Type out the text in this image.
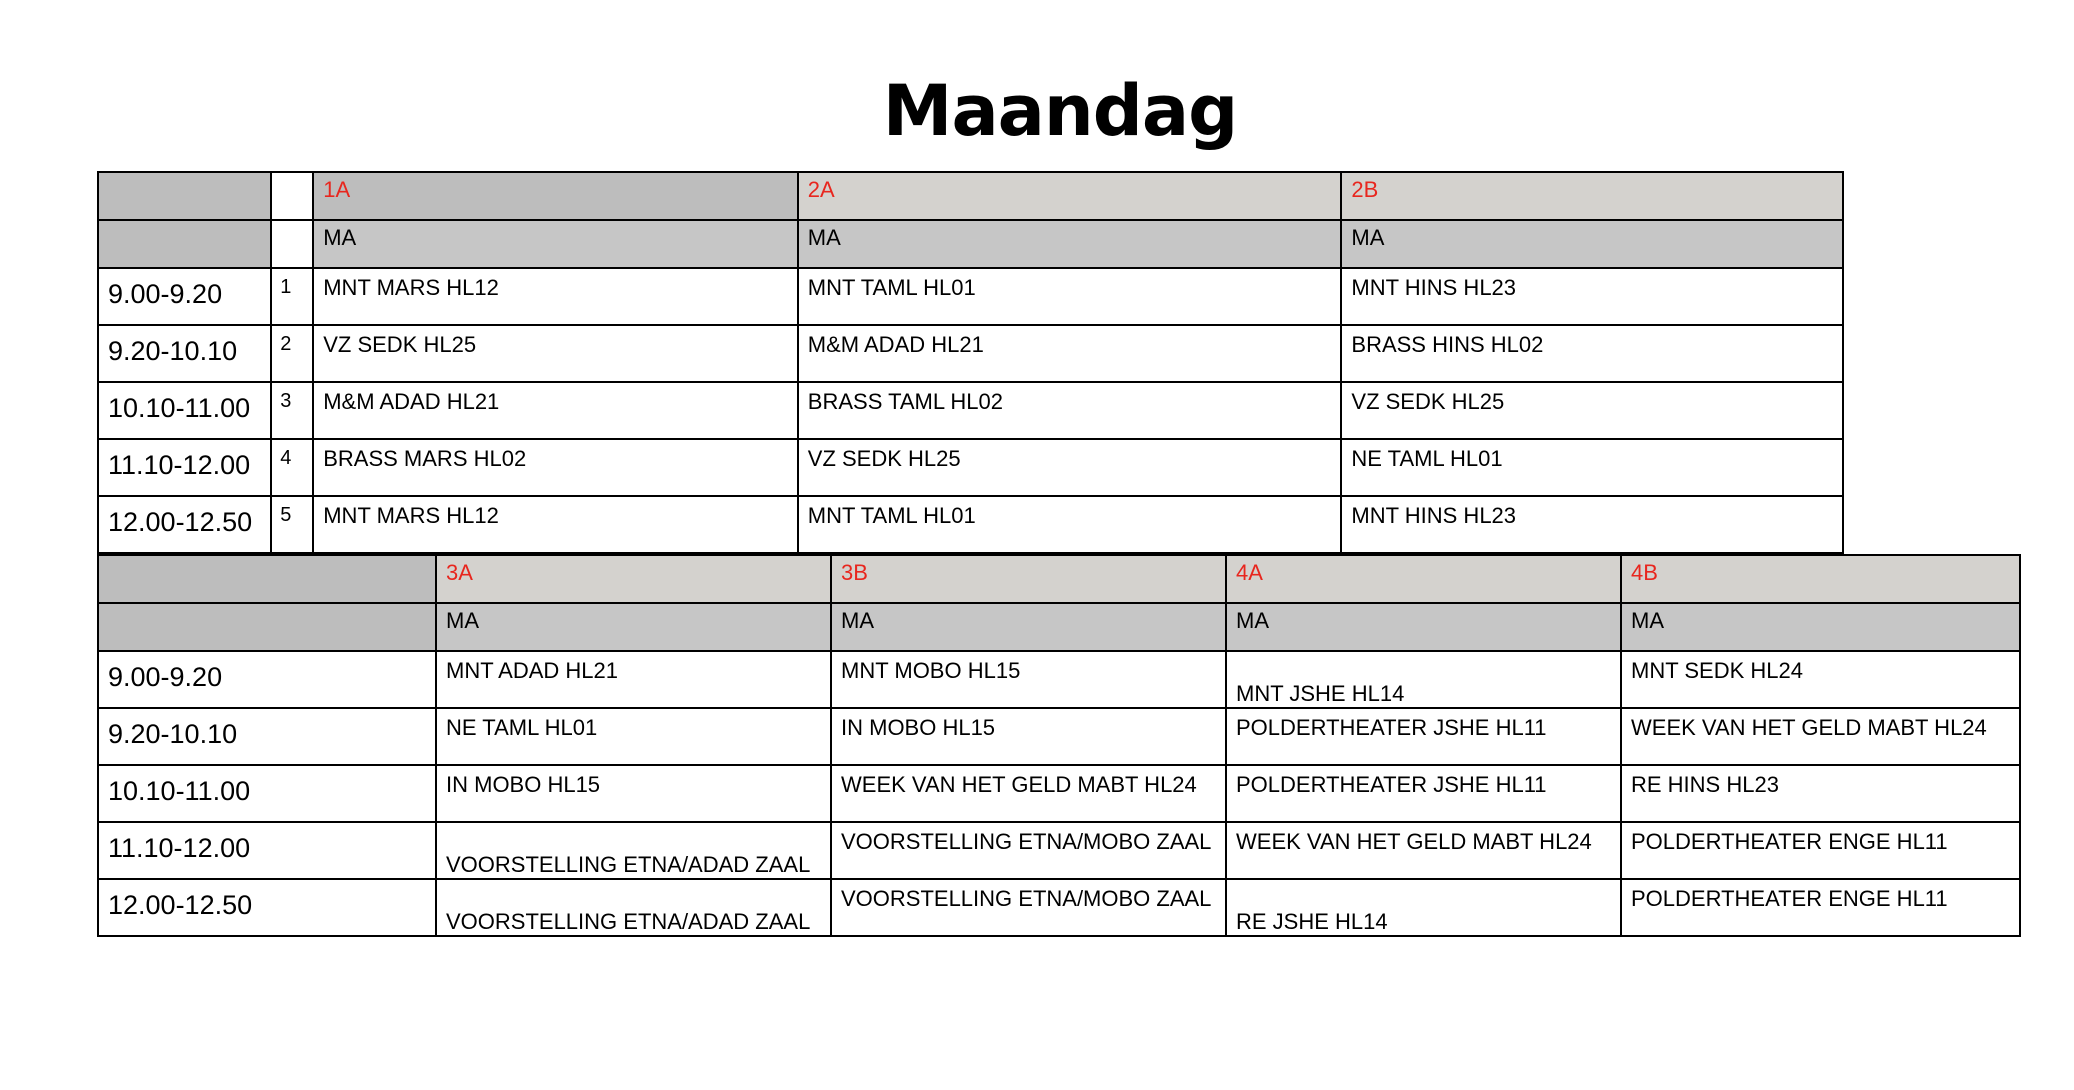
Maandag
		1A	2A	2B
		MA	MA	MA
9.00-9.20	1	MNT MARS HL12	MNT TAML HL01	MNT HINS HL23
9.20-10.10	2	VZ SEDK HL25	M&M ADAD HL21	BRASS HINS HL02
10.10-11.00	3	M&M ADAD HL21	BRASS TAML HL02	VZ SEDK HL25
11.10-12.00	4	BRASS MARS HL02	VZ SEDK HL25	NE TAML HL01
12.00-12.50	5	MNT MARS HL12	MNT TAML HL01	MNT HINS HL23
	3A	3B	4A	4B
	MA	MA	MA	MA
9.00-9.20	MNT ADAD HL21	MNT MOBO HL15	MNT JSHE HL14	MNT SEDK HL24
9.20-10.10	NE TAML HL01	IN MOBO HL15	POLDERTHEATER JSHE HL11	WEEK VAN HET GELD MABT HL24
10.10-11.00	IN MOBO HL15	WEEK VAN HET GELD MABT HL24	POLDERTHEATER JSHE HL11	RE HINS HL23
11.10-12.00	VOORSTELLING ETNA/ADAD ZAAL	VOORSTELLING ETNA/MOBO ZAAL	WEEK VAN HET GELD MABT HL24	POLDERTHEATER ENGE HL11
12.00-12.50	VOORSTELLING ETNA/ADAD ZAAL	VOORSTELLING ETNA/MOBO ZAAL	RE JSHE HL14	POLDERTHEATER ENGE HL11
